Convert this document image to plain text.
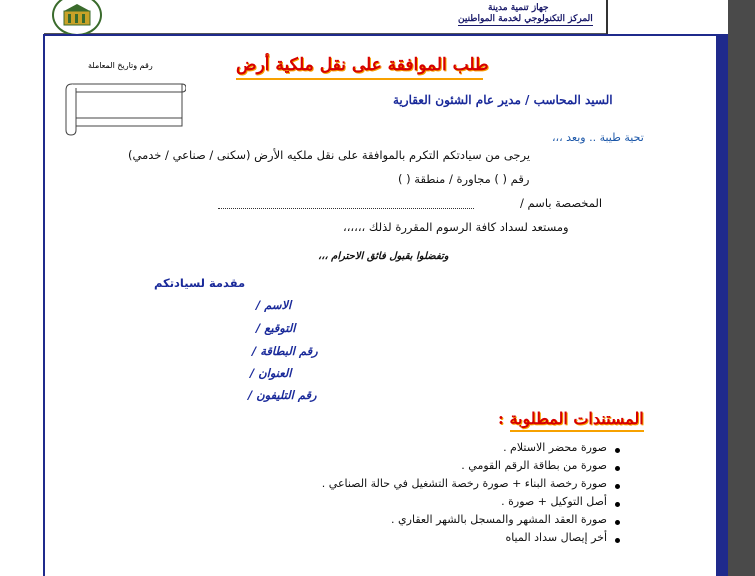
جهاز تنمية مدينة
المركز التكنولوجي لخدمة المواطنين
طلب الموافقة على نقل ملكية أرض
رقم وتاريخ المعاملة
السيد المحاسب / مدير عام الشئون العقارية
تحية طيبة .. وبعد ،،،
يرجى من سيادتكم التكرم بالموافقة على نقل ملكيه الأرض (سكنى / صناعي / خدمي)
رقم ( ) مجاورة / منطقة ( )
المخصصة باسم /
ومستعد لسداد كافة الرسوم المقررة لذلك ،،،،،،
وتفضلوا بقبول فائق الاحترام ،،،
مقدمة لسيادتكم
الاسم /
التوقيع /
رقم البطاقة /
العنوان /
رقم التليفون /
المستندات المطلوبة :
صورة محضر الاستلام .
صورة من بطاقة الرقم القومي .
صورة رخصة البناء + صورة رخصة التشغيل في حالة الصناعي .
أصل التوكيل + صورة .
صورة العقد المشهر والمسجل بالشهر العقاري .
أخر إيصال سداد المياه
